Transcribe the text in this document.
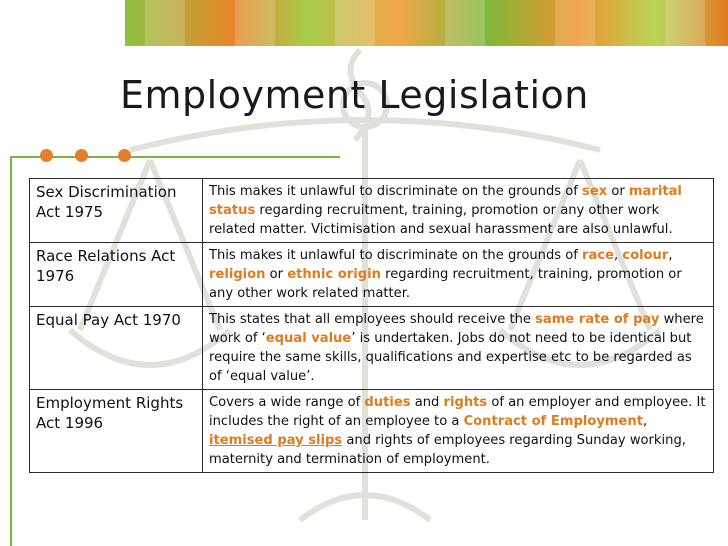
Employment Legislation
Sex Discrimination Act 1975	This makes it unlawful to discriminate on the grounds of sex or marital status regarding recruitment, training, promotion or any other work related matter. Victimisation and sexual harassment are also unlawful.
Race Relations Act 1976	This makes it unlawful to discriminate on the grounds of race, colour, religion or ethnic origin regarding recruitment, training, promotion or any other work related matter.
Equal Pay Act 1970	This states that all employees should receive the same rate of pay where work of ‘equal value’ is undertaken. Jobs do not need to be identical but require the same skills, qualifications and expertise etc to be regarded as of ‘equal value’.
Employment Rights Act 1996	Covers a wide range of duties and rights of an employer and employee. It includes the right of an employee to a Contract of Employment, itemised pay slips and rights of employees regarding Sunday working, maternity and termination of employment.
